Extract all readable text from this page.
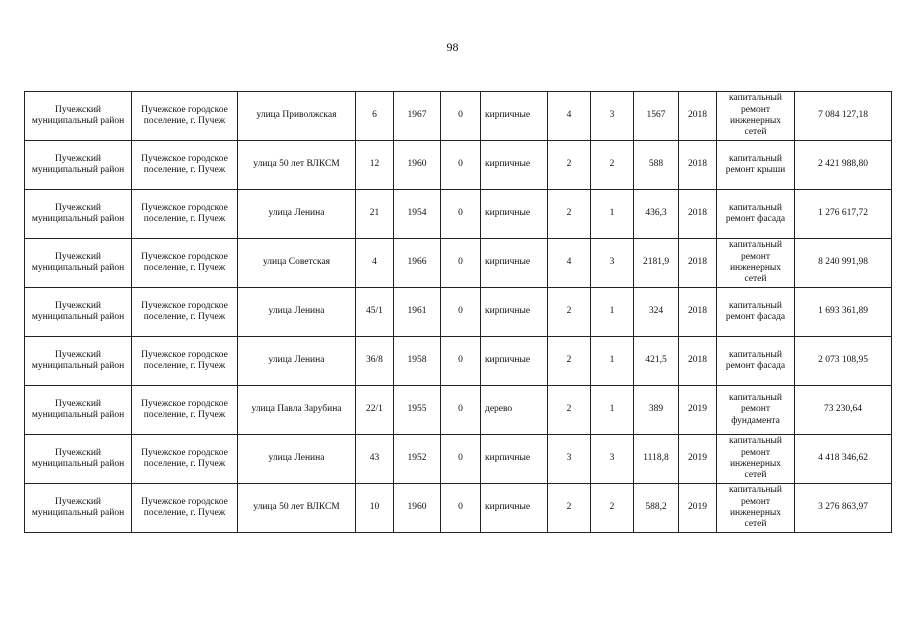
98
Пучежский муниципальный район	Пучежское городское поселение, г. Пучеж	улица Приволжская	6	1967	0	кирпичные	4	3	1567	2018	капитальный ремонт инженерных сетей	7 084 127,18
Пучежский муниципальный район	Пучежское городское поселение, г. Пучеж	улица 50 лет ВЛКСМ	12	1960	0	кирпичные	2	2	588	2018	капитальный ремонт крыши	2 421 988,80
Пучежский муниципальный район	Пучежское городское поселение, г. Пучеж	улица Ленина	21	1954	0	кирпичные	2	1	436,3	2018	капитальный ремонт фасада	1 276 617,72
Пучежский муниципальный район	Пучежское городское поселение, г. Пучеж	улица Советская	4	1966	0	кирпичные	4	3	2181,9	2018	капитальный ремонт инженерных сетей	8 240 991,98
Пучежский муниципальный район	Пучежское городское поселение, г. Пучеж	улица Ленина	45/1	1961	0	кирпичные	2	1	324	2018	капитальный ремонт фасада	1 693 361,89
Пучежский муниципальный район	Пучежское городское поселение, г. Пучеж	улица Ленина	36/8	1958	0	кирпичные	2	1	421,5	2018	капитальный ремонт фасада	2 073 108,95
Пучежский муниципальный район	Пучежское городское поселение, г. Пучеж	улица Павла Зарубина	22/1	1955	0	дерево	2	1	389	2019	капитальный ремонт фундамента	73 230,64
Пучежский муниципальный район	Пучежское городское поселение, г. Пучеж	улица Ленина	43	1952	0	кирпичные	3	3	1118,8	2019	капитальный ремонт инженерных сетей	4 418 346,62
Пучежский муниципальный район	Пучежское городское поселение, г. Пучеж	улица 50 лет ВЛКСМ	10	1960	0	кирпичные	2	2	588,2	2019	капитальный ремонт инженерных сетей	3 276 863,97
